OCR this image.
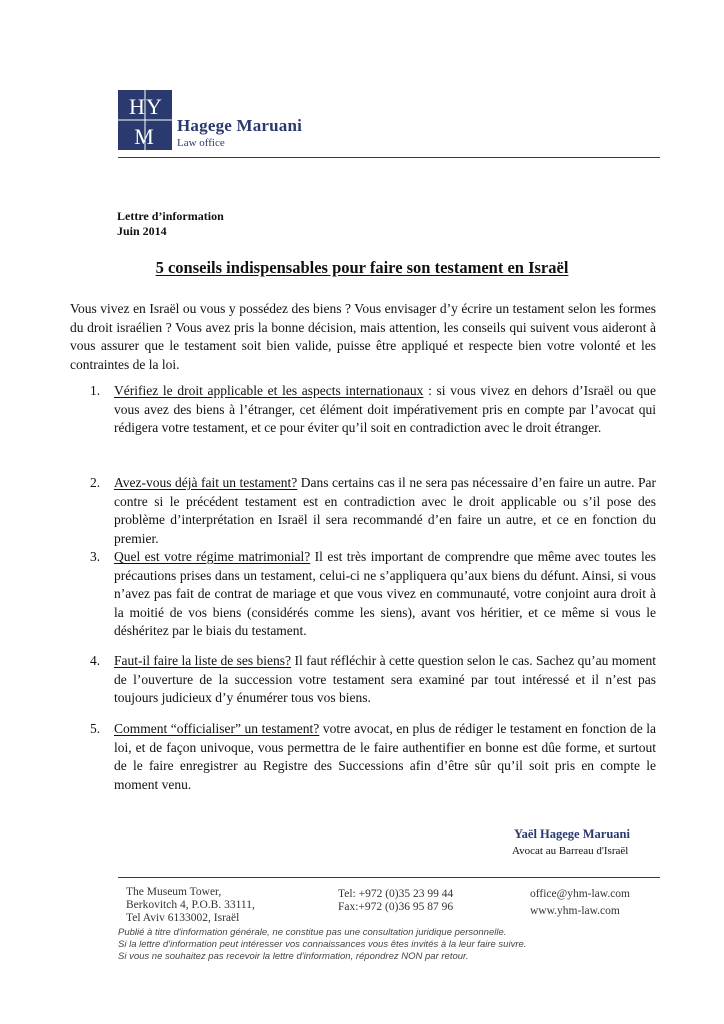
H Y
M Hagege Maruani
Law office
Lettre d’information
Juin 2014
5 conseils indispensables pour faire son testament en Israël
Vous vivez en Israël ou vous y possédez des biens ? Vous envisager d’y écrire un testament selon les formes du droit israélien ? Vous avez pris la bonne décision, mais attention, les conseils qui suivent vous aideront à vous assurer que le testament soit bien valide, puisse être appliqué et respecte bien votre volonté et les contraintes de la loi.
1. Vérifiez le droit applicable et les aspects internationaux : si vous vivez en dehors d’Israël ou que vous avez des biens à l’étranger, cet élément doit impérativement pris en compte par l’avocat qui rédigera votre testament, et ce pour éviter qu’il soit en contradiction avec le droit étranger.
2. Avez-vous déjà fait un testament? Dans certains cas il ne sera pas nécessaire d’en faire un autre. Par contre si le précédent testament est en contradiction avec le droit applicable ou s’il pose des problème d’interprétation en Israël il sera recommandé d’en faire un autre, et ce en fonction du premier.
3. Quel est votre régime matrimonial? Il est très important de comprendre que même avec toutes les précautions prises dans un testament, celui-ci ne s’appliquera qu’aux biens du défunt. Ainsi, si vous n’avez pas fait de contrat de mariage et que vous vivez en communauté, votre conjoint aura droit à la moitié de vos biens (considérés comme les siens), avant vos héritier, et ce même si vous le déshéritez par le biais du testament.
4. Faut-il faire la liste de ses biens? Il faut réfléchir à cette question selon le cas. Sachez qu’au moment de l’ouverture de la succession votre testament sera examiné par tout intéressé et il n’est pas toujours judicieux d’y énumérer tous vos biens.
5. Comment “officialiser” un testament? votre avocat, en plus de rédiger le testament en fonction de la loi, et de façon univoque, vous permettra de le faire authentifier en bonne est dûe forme, et surtout de le faire enregistrer au Registre des Successions afin d’être sûr qu’il soit pris en compte le moment venu.
Yaël Hagege Maruani
Avocat au Barreau d'Israël
The Museum Tower,
Berkovitch 4, P.O.B. 33111,
Tel Aviv 6133002, Israël
Tel: +972 (0)35 23 99 44
Fax:+972 (0)36 95 87 96
office@yhm-law.com
www.yhm-law.com
Publié à titre d'information générale, ne constitue pas une consultation juridique personnelle.
Si la lettre d'information peut intéresser vos connaissances vous êtes invités à la leur faire suivre.
Si vous ne souhaitez pas recevoir la lettre d'information, répondrez NON par retour.
